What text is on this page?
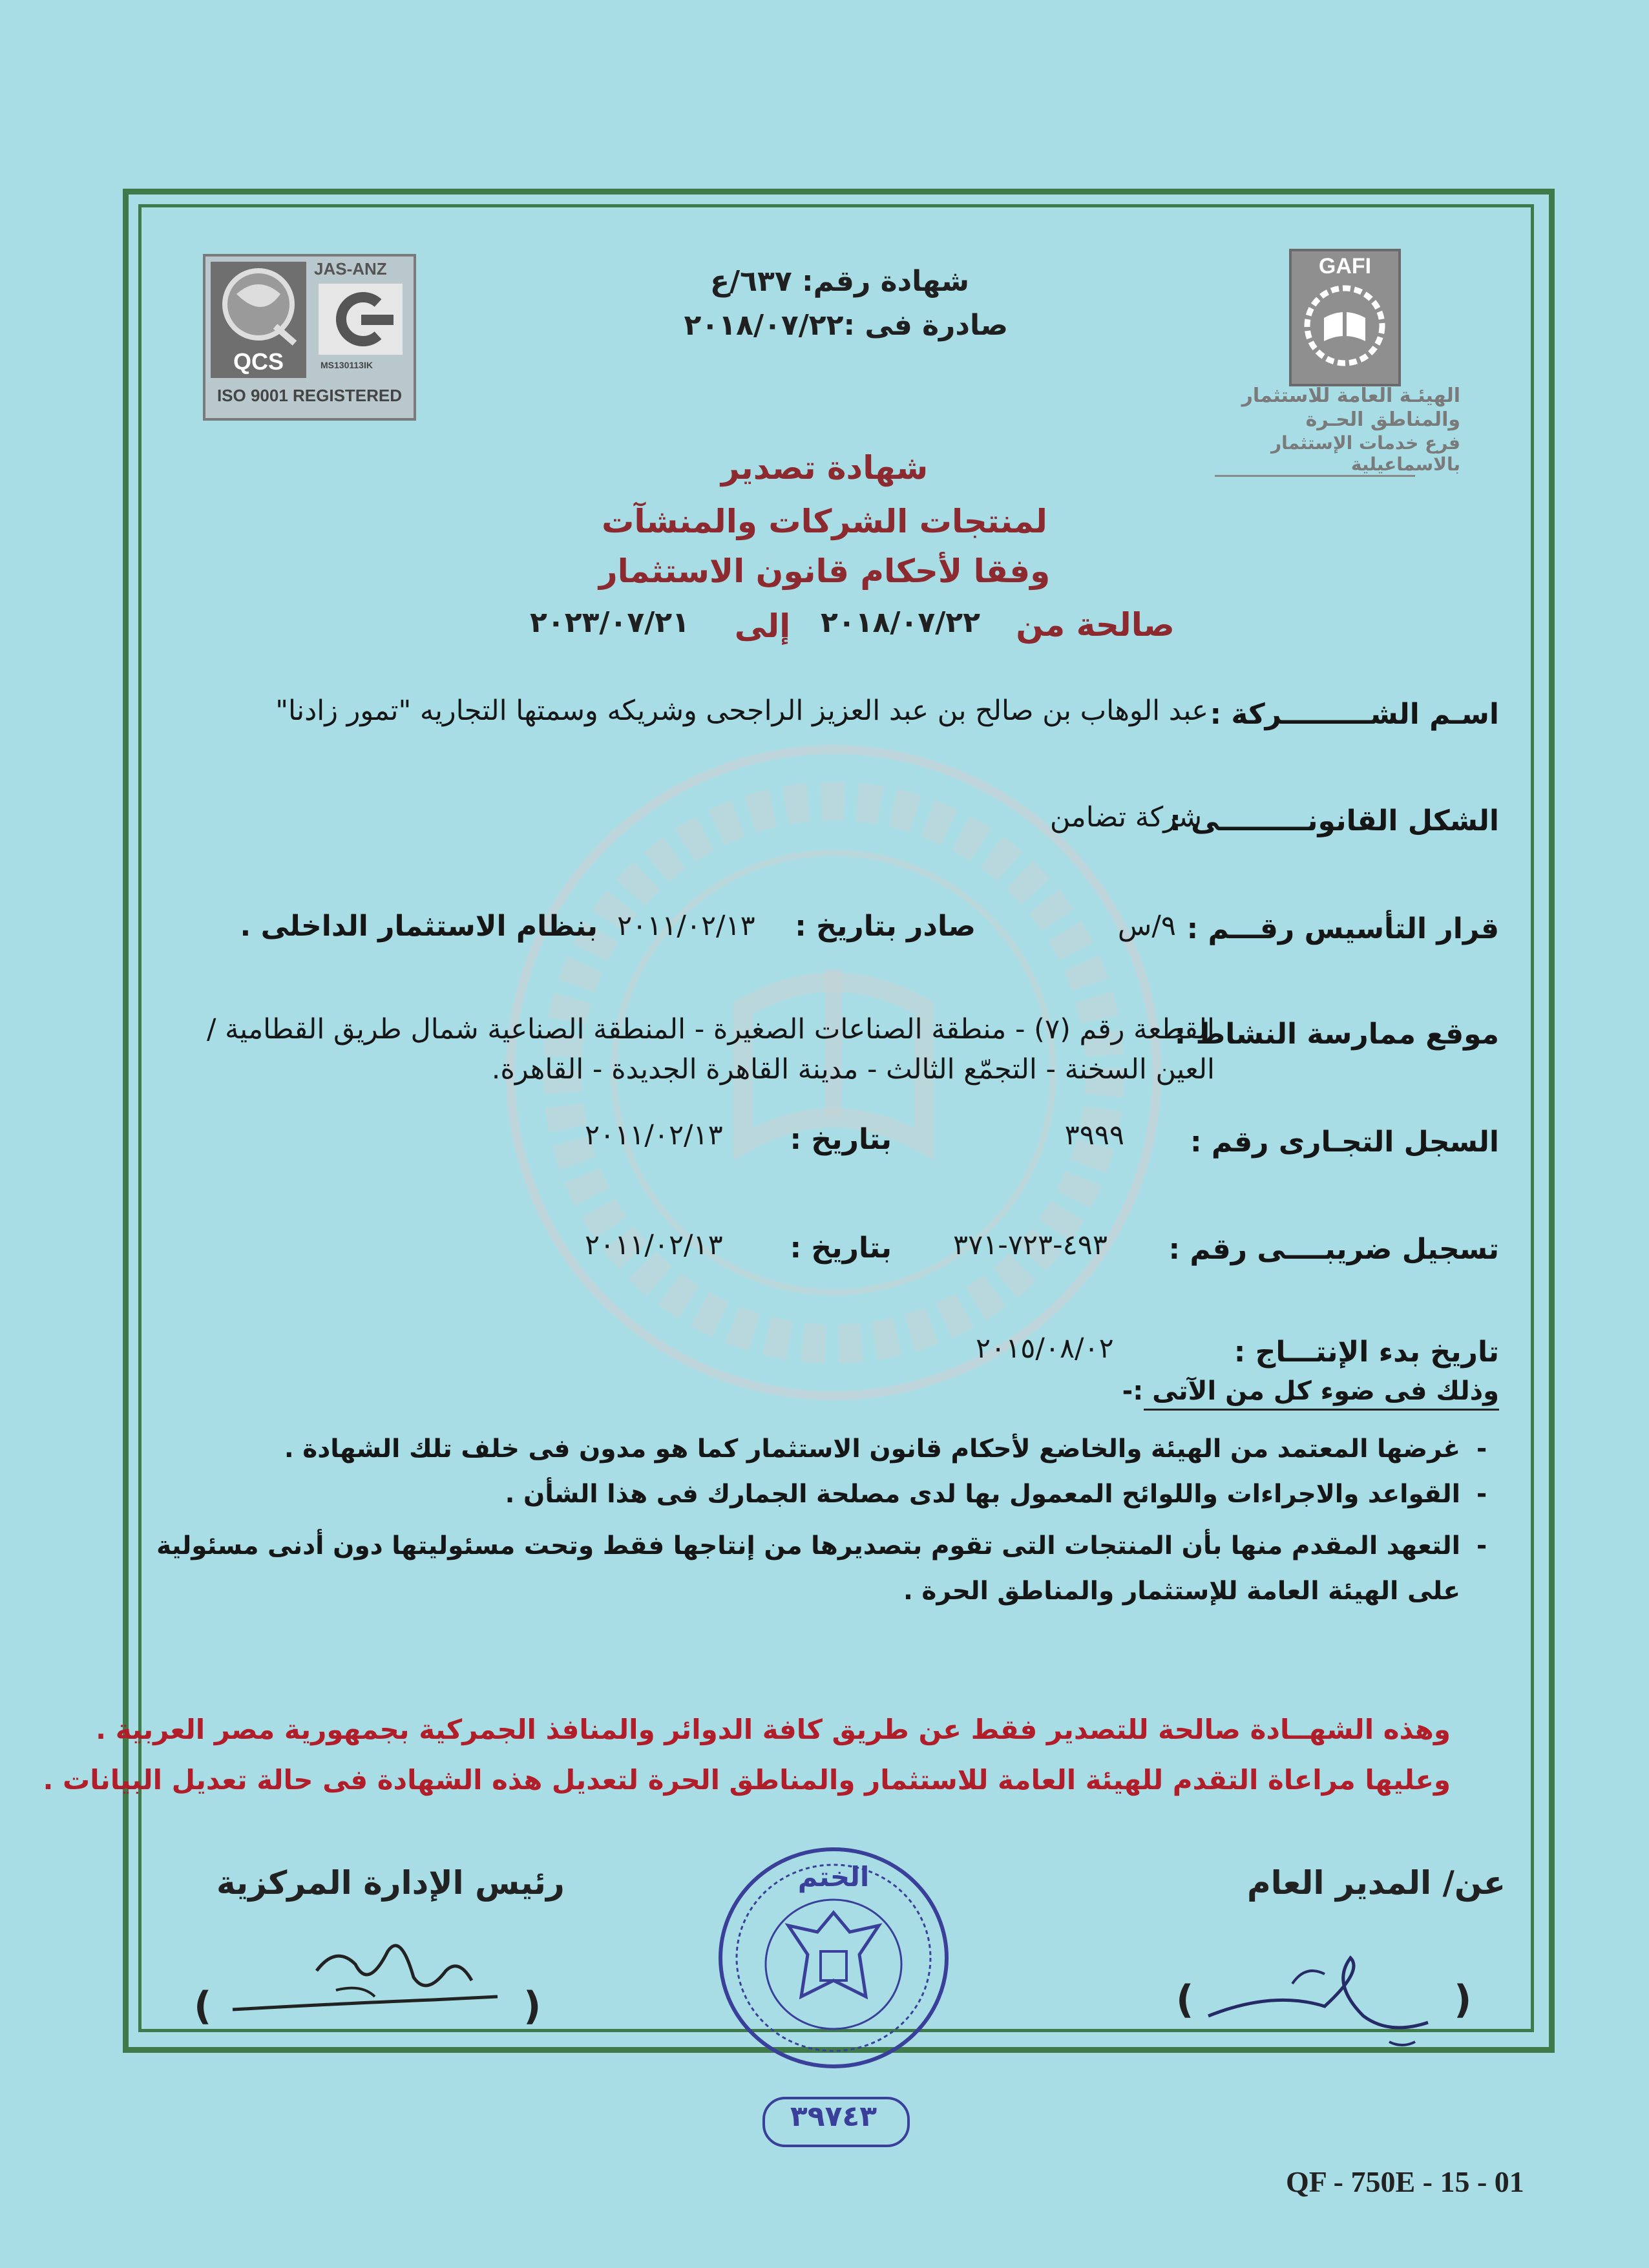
GAFI
الهيئـة العامة للاستثمار
والمناطق الحـرة
فرع خدمات الإستثمار بالاسماعيلية
QCS
JAS-ANZ
MS130113IK
ISO 9001 REGISTERED
شهادة رقم: ٦٣٧/ع
صادرة فى :٢٠١٨/٠٧/٢٢
شهادة تصدير
لمنتجات الشركات والمنشآت
وفقا لأحكام قانون الاستثمار
صالحة من
٢٠١٨/٠٧/٢٢
إلى
٢٠٢٣/٠٧/٢١
اسـم الشـــــــــركة :
عبد الوهاب بن صالح بن عبد العزيز الراجحى وشريكه وسمتها التجاريه "تمور زادنا"
الشكل القانونـــــــــى :
شركة تضامن
قرار التأسيس رقـــم :
٩/س
صادر بتاريخ :
٢٠١١/٠٢/١٣
بنظام الاستثمار الداخلى .
موقع ممارسة النشاط :
القطعة رقم (٧) - منطقة الصناعات الصغيرة - المنطقة الصناعية شمال طريق القطامية /
العين السخنة - التجمّع الثالث - مدينة القاهرة الجديدة - القاهرة.
السجل التجـارى رقم :
٣٩٩٩
بتاريخ :
٢٠١١/٠٢/١٣
تسجيل ضريبــــى رقم :
٤٩٣-٧٢٣-٣٧١
بتاريخ :
٢٠١١/٠٢/١٣
تاريخ بدء الإنتـــاج :
٢٠١٥/٠٨/٠٢
وذلك فى ضوء كل من الآتى :-
-
غرضها المعتمد من الهيئة والخاضع لأحكام قانون الاستثمار كما هو مدون فى خلف تلك الشهادة .
-
القواعد والاجراءات واللوائح المعمول بها لدى مصلحة الجمارك فى هذا الشأن .
-
التعهد المقدم منها بأن المنتجات التى تقوم بتصديرها من إنتاجها فقط وتحت مسئوليتها دون أدنى مسئولية
على الهيئة العامة للإستثمار والمناطق الحرة .
وهذه الشهــادة صالحة للتصدير فقط عن طريق كافة الدوائر والمنافذ الجمركية بجمهورية مصر العربية .
وعليها مراعاة التقدم للهيئة العامة للاستثمار والمناطق الحرة لتعديل هذه الشهادة فى حالة تعديل البيانات .
عن/ المدير العام
رئيس الإدارة المركزية
(	)
(	)
الختم
٣٩٧٤٣
QF - 750E - 15 - 01
